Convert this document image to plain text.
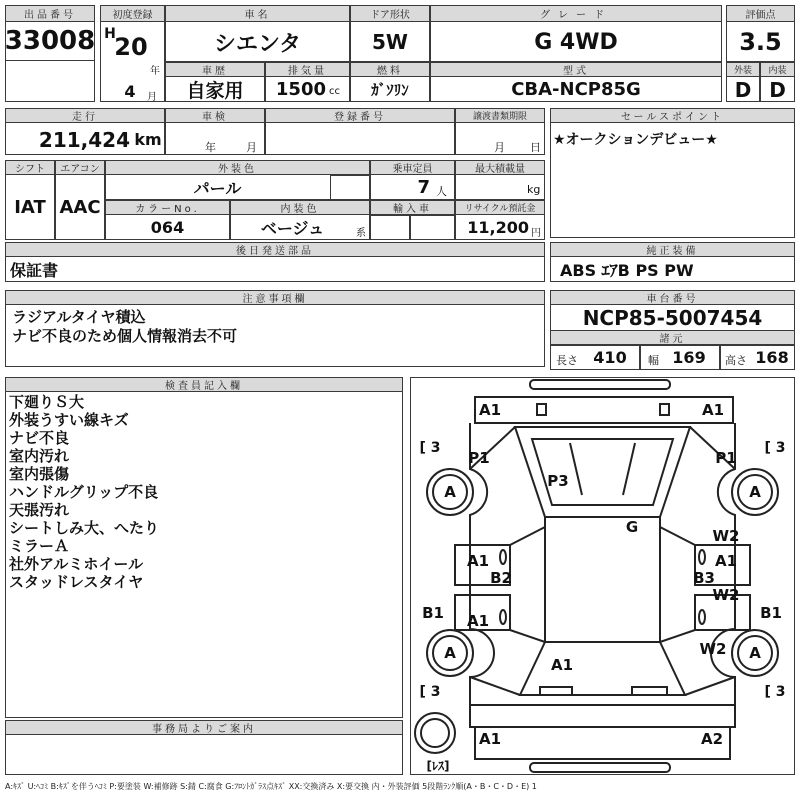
出品番号
33008
初度登録
H
20
年
4	月
車名
シエンタ
ドア形状
5W
グレード
G 4WD
評価点
3.5
車歴
自家用
排気量
1500 cc
燃料
ｶﾞｿﾘﾝ
型式
CBA-NCP85G
外装
D
内装
D
走行
211,424 km
車検
年	月
登録番号	譲渡書類期限
月 日
セールスポイント
★オークションデビュー★
シフト
IAT
エアコン
AAC
外装色
パール
乗車定員
7 人
最大積載量
kg
カラーNo.
064
内装色
ベージュ	系
輸入車	リサイクル預託金
11,200 円
後日発送部品
保証書
純正装備
ABS ｴｱB PS PW
注意事項欄
ラジアルタイヤ積込
ナビ不良のため個人情報消去不可
車台番号
NCP85-5007454
諸元
長さ 410	幅 169	高さ 168
検査員記入欄
下廻りＳ大
外装うすい線キズ
ナビ不良
室内汚れ
室内張傷
ハンドルグリップ不良
天張汚れ
シートしみ大、へたり
ミラーＡ
社外アルミホイール
スタッドレスタイヤ
事務局よりご案内
A1	A1
[ 3	[ 3
P1	P1
A	A
P3
G	W2
A1	A1
B2	B3
W2
B1	B1
A1
A	W2 A
A1
[ 3	[ 3
[ﾚｽ]
A1	A2
A:ｷｽﾞ U:ﾍｺﾐ B:ｷｽﾞを伴うﾍｺﾐ P:要塗装 W:補修跡 S:錆 C:腐食 G:ﾌﾛﾝﾄｶﾞﾗｽ点ｷｽﾞ XX:交換済み X:要交換 内・外装評価 5段階ﾗﾝｸ順(A・B・C・D・E) 1
